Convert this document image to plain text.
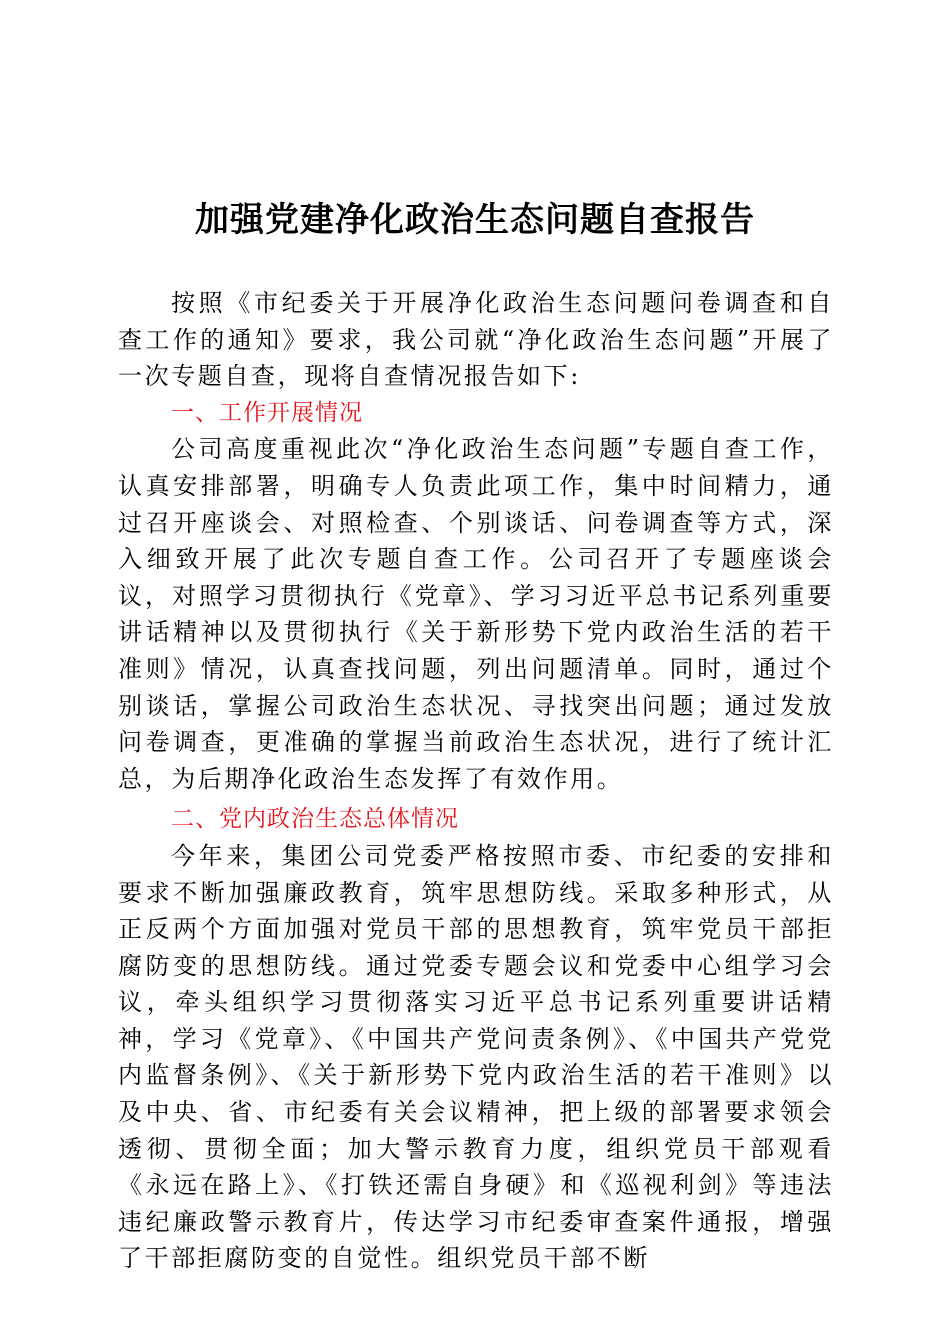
加强党建净化政治生态问题自查报告

按照《市纪委关于开展净化政治生态问题问卷调查和自查工作的通知》要求，我公司就“净化政治生态问题”开展了一次专题自查，现将自查情况报告如下:

一、工作开展情况

公司高度重视此次“净化政治生态问题”专题自查工作，认真安排部署，明确专人负责此项工作，集中时间精力，通过召开座谈会、对照检查、个别谈话、问卷调查等方式，深入细致开展了此次专题自查工作。公司召开了专题座谈会议，对照学习贯彻执行《党章》、学习习近平总书记系列重要讲话精神以及贯彻执行《关于新形势下党内政治生活的若干准则》情况，认真查找问题，列出问题清单。同时，通过个别谈话，掌握公司政治生态状况、寻找突出问题；通过发放问卷调查，更准确的掌握当前政治生态状况，进行了统计汇总，为后期净化政治生态发挥了有效作用。

二、党内政治生态总体情况

今年来，集团公司党委严格按照市委、市纪委的安排和要求不断加强廉政教育，筑牢思想防线。采取多种形式，从正反两个方面加强对党员干部的思想教育，筑牢党员干部拒腐防变的思想防线。通过党委专题会议和党委中心组学习会议，牵头组织学习贯彻落实习近平总书记系列重要讲话精神，学习《党章》、《中国共产党问责条例》、《中国共产党党内监督条例》、《关于新形势下党内政治生活的若干准则》以及中央、省、市纪委有关会议精神，把上级的部署要求领会透彻、贯彻全面；加大警示教育力度，组织党员干部观看《永远在路上》、《打铁还需自身硬》和《巡视利剑》等违法违纪廉政警示教育片，传达学习市纪委审查案件通报，增强了干部拒腐防变的自觉性。组织党员干部不断
